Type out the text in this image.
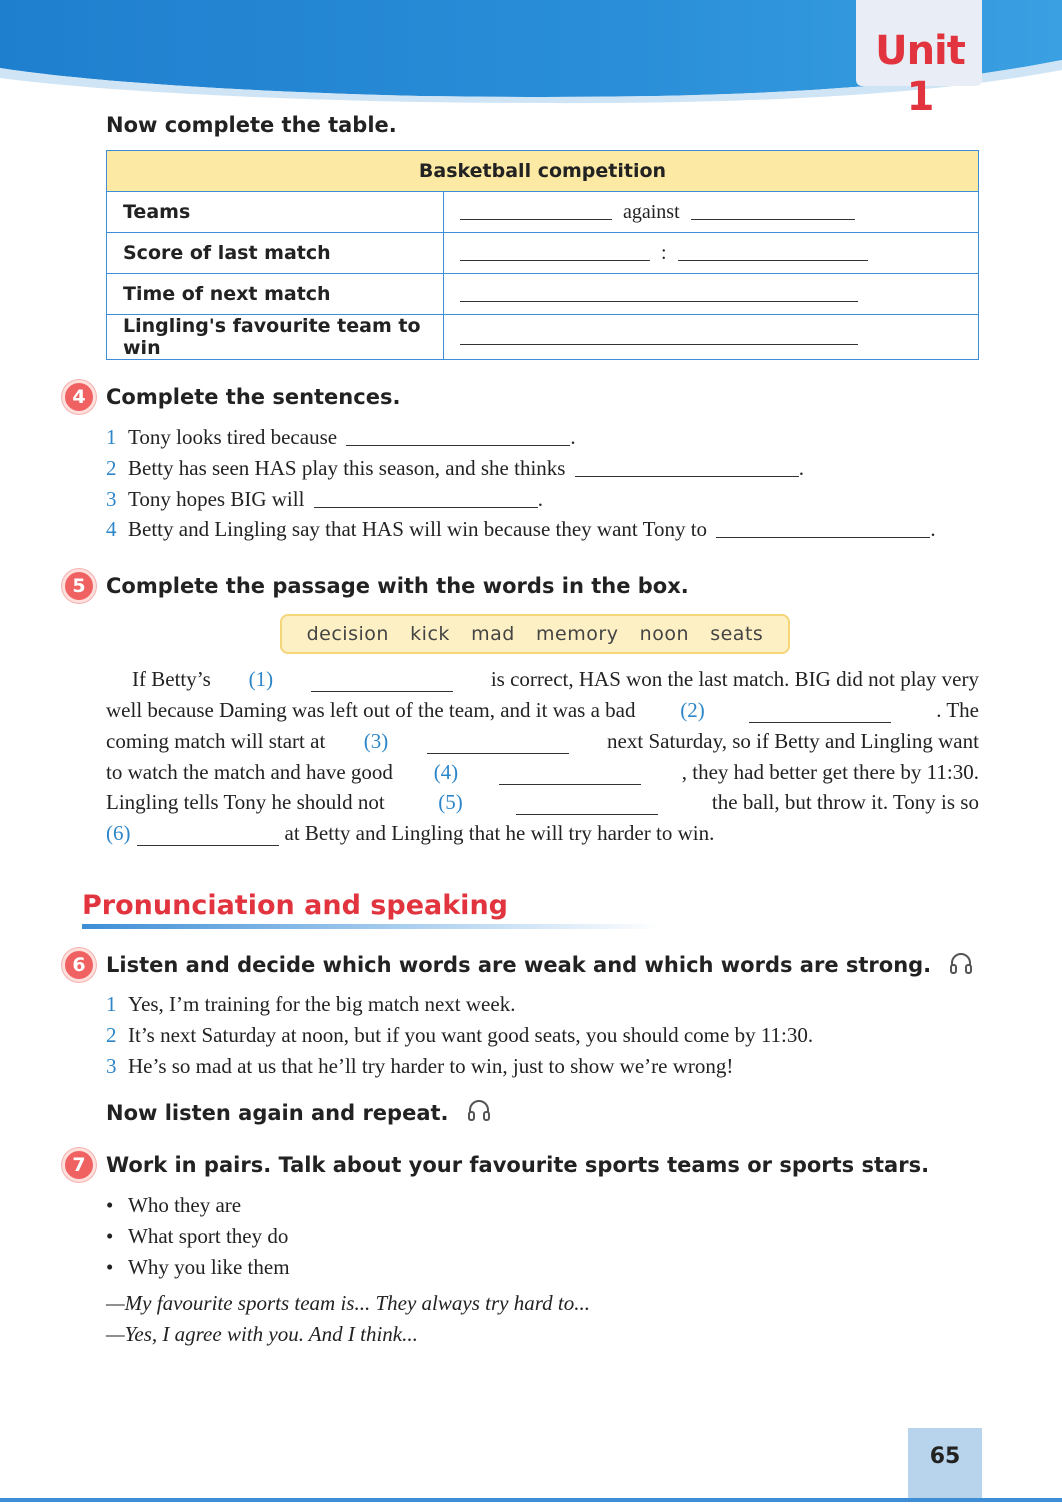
Unit 1
Now complete the table.
Basketball competition	
Teams	against
Score of last match	:
Time of next match	
Lingling's favourite team to win	
4 Complete the sentences.
1 Tony looks tired because	.
2 Betty has seen HAS play this season, and she thinks	.
3 Tony hopes BIG will	.
4 Betty and Lingling say that HAS will win because they want Tony to	.
5 Complete the passage with the words in the box.
decision kick mad memory noon seats
If Betty’s (1)	is correct, HAS won the last match. BIG did not play very
well because Daming was left out of the team, and it was a bad (2)	. The
coming match will start at (3)	next Saturday, so if Betty and Lingling want
to watch the match and have good (4)	, they had better get there by 11:30.
Lingling tells Tony he should not	(5)	the ball, but throw it. Tony is so
(6)	at Betty and Lingling that he will try harder to win.
Pronunciation and speaking
6 Listen and decide which words are weak and which words are strong.
1 Yes, I’m training for the big match next week.
2 It’s next Saturday at noon, but if you want good seats, you should come by 11:30.
3 He’s so mad at us that he’ll try harder to win, just to show we’re wrong!
Now listen again and repeat.
7 Work in pairs. Talk about your favourite sports teams or sports stars.
• Who they are
• What sport they do
• Why you like them
—My favourite sports team is... They always try hard to...
—Yes, I agree with you. And I think...
65
